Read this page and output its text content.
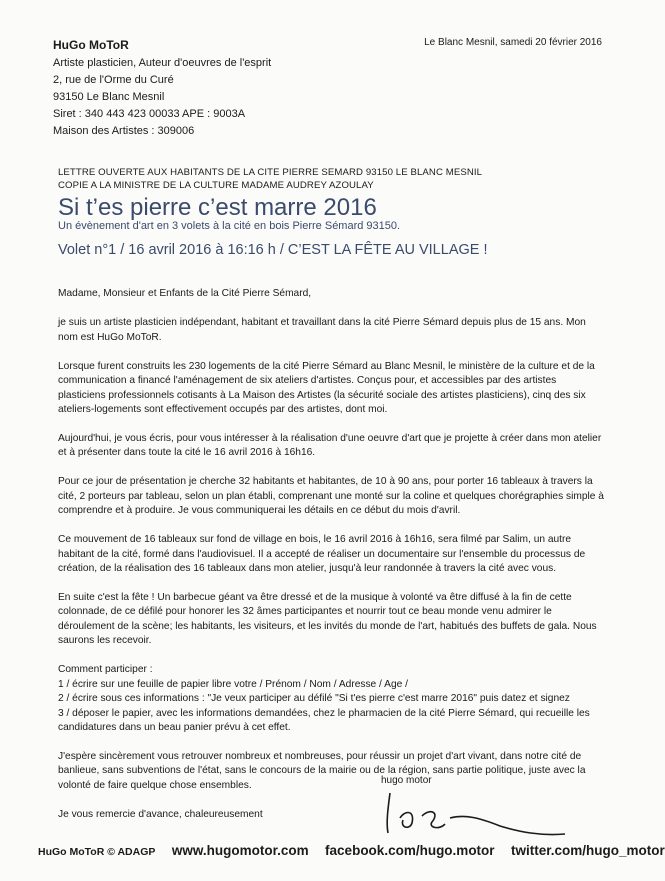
HuGo MoToR
Artiste plasticien, Auteur d'oeuvres de l'esprit
2, rue de l'Orme du Curé
93150 Le Blanc Mesnil
Siret : 340 443 423 00033 APE : 9003A
Maison des Artistes : 309006
Le Blanc Mesnil, samedi 20 février 2016
LETTRE OUVERTE AUX HABITANTS DE LA CITE PIERRE SEMARD 93150 LE BLANC MESNIL
COPIE A LA MINISTRE DE LA CULTURE MADAME AUDREY AZOULAY
Si t’es pierre c’est marre 2016
Un évènement d'art en 3 volets à la cité en bois Pierre Sémard 93150.
Volet n°1 / 16 avril 2016 à 16:16 h / C’EST LA FÊTE AU VILLAGE !

Madame, Monsieur et Enfants de la Cité Pierre Sémard,

je suis un artiste plasticien indépendant, habitant et travaillant dans la cité Pierre Sémard depuis plus de 15 ans. Mon nom est HuGo MoToR.

Lorsque furent construits les 230 logements de la cité Pierre Sémard au Blanc Mesnil, le ministère de la culture et de la communication a financé l'aménagement de six ateliers d'artistes. Conçus pour, et accessibles par des artistes plasticiens professionnels cotisants à La Maison des Artistes (la sécurité sociale des artistes plasticiens), cinq des six ateliers-logements sont effectivement occupés par des artistes, dont moi.

Aujourd'hui, je vous écris, pour vous intéresser à la réalisation d'une oeuvre d'art que je projette à créer dans mon atelier et à présenter dans toute la cité le 16 avril 2016 à 16h16.

Pour ce jour de présentation je cherche 32 habitants et habitantes, de 10 à 90 ans, pour porter 16 tableaux à travers la cité, 2 porteurs par tableau, selon un plan établi, comprenant une monté sur la coline et quelques chorégraphies simple à comprendre et à produire. Je vous communiquerai les détails en ce début du mois d'avril.

Ce mouvement de 16 tableaux sur fond de village en bois, le 16 avril 2016 à 16h16, sera filmé par Salim, un autre habitant de la cité, formé dans l'audiovisuel. Il a accepté de réaliser un documentaire sur l'ensemble du processus de création, de la réalisation des 16 tableaux dans mon atelier, jusqu'à leur randonnée à travers la cité avec vous.

En suite c'est la fête ! Un barbecue géant va être dressé et de la musique à volonté va être diffusé à la fin de cette colonnade, de ce défilé pour honorer les 32 âmes participantes et nourrir tout ce beau monde venu admirer le déroulement de la scène; les habitants, les visiteurs, et les invités du monde de l'art, habitués des buffets de gala. Nous saurons les recevoir.

Comment participer :

1 / écrire sur une feuille de papier libre votre / Prénom / Nom / Adresse / Age /

2 / écrire sous ces informations : "Je veux participer au défilé "Si t'es pierre c'est marre 2016" puis datez et signez

3 / déposer le papier, avec les informations demandées, chez le pharmacien de la cité Pierre Sémard, qui recueille les candidatures dans un beau panier prévu à cet effet.

J'espère sincèrement vous retrouver nombreux et nombreuses, pour réussir un projet d'art vivant, dans notre cité de banlieue, sans subventions de l'état, sans le concours de la mairie ou de la région, sans partie politique, juste avec la volonté de faire quelque chose ensembles.

Je vous remercie d'avance, chaleureusement

hugo motor
HuGo MoToR © ADAGP www.hugomotor.com facebook.com/hugo.motor twitter.com/hugo_motor
